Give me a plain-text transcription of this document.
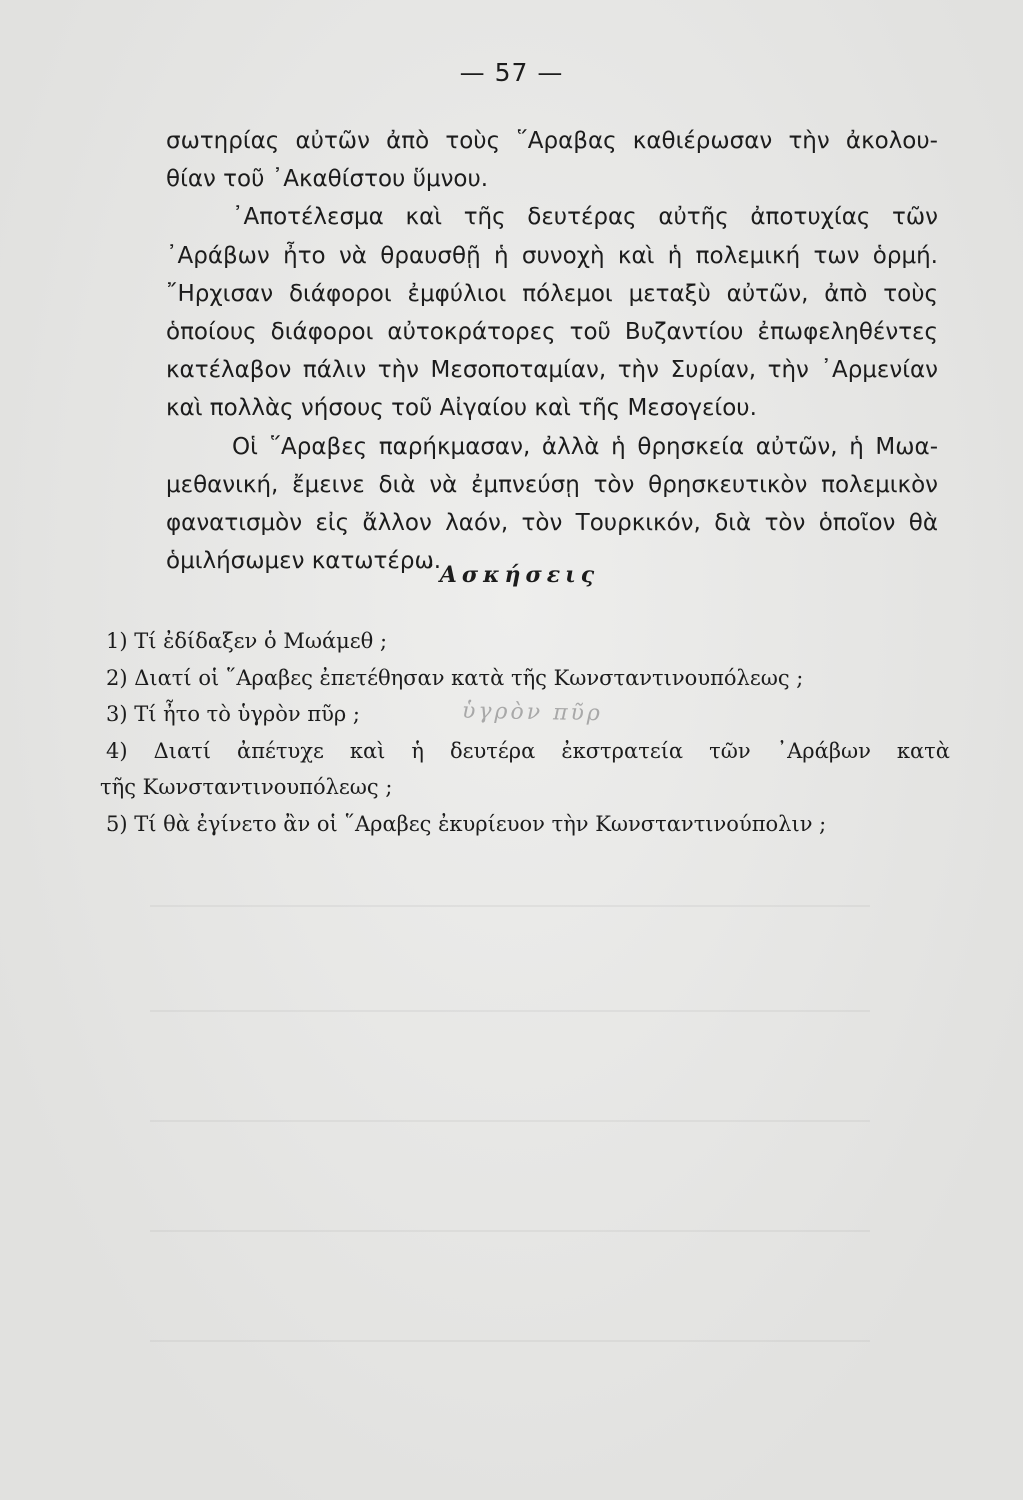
— 57 —
σωτηρίας αὐτῶν ἀπὸ τοὺς ῞Αραβας καθιέρωσαν τὴν ἀκολου-
θίαν τοῦ ᾿Ακαθίστου ὕμνου.
᾿Αποτέλεσμα καὶ τῆς δευτέρας αὐτῆς ἀποτυχίας τῶν
᾿Αράβων ἦτο νὰ θραυσθῇ ἡ συνοχὴ καὶ ἡ πολεμική των ὁρμή.
῎Ηρχισαν διάφοροι ἐμφύλιοι πόλεμοι μεταξὺ αὐτῶν, ἀπὸ τοὺς
ὁποίους διάφοροι αὐτοκράτορες τοῦ Βυζαντίου ἐπωφεληθέντες
κατέλαβον πάλιν τὴν Μεσοποταμίαν, τὴν Συρίαν, τὴν ᾿Αρμενίαν
καὶ πολλὰς νήσους τοῦ Αἰγαίου καὶ τῆς Μεσογείου.
Οἱ ῞Αραβες παρήκμασαν, ἀλλὰ ἡ θρησκεία αὐτῶν, ἡ Μωα-
μεθανική, ἔμεινε διὰ νὰ ἐμπνεύσῃ τὸν θρησκευτικὸν πολεμικὸν
φανατισμὸν εἰς ἄλλον λαόν, τὸν Τουρκικόν, διὰ τὸν ὁποῖον θὰ
ὁμιλήσωμεν κατωτέρω.
᾿Ασκήσεις
1) Τί ἐδίδαξεν ὁ Μωάμεθ ;
2) Διατί οἱ ῞Αραβες ἐπετέθησαν κατὰ τῆς Κωνσταντινουπόλεως ;
3) Τί ἦτο τὸ ὑγρὸν πῦρ ;
4) Διατί ἀπέτυχε καὶ ἡ δευτέρα ἐκστρατεία τῶν ᾿Αράβων κατὰ
τῆς Κωνσταντινουπόλεως ;
5) Τί θὰ ἐγίνετο ἂν οἱ ῞Αραβες ἐκυρίευον τὴν Κωνσταντινούπολιν ;
ὑγρὸν πῦρ
